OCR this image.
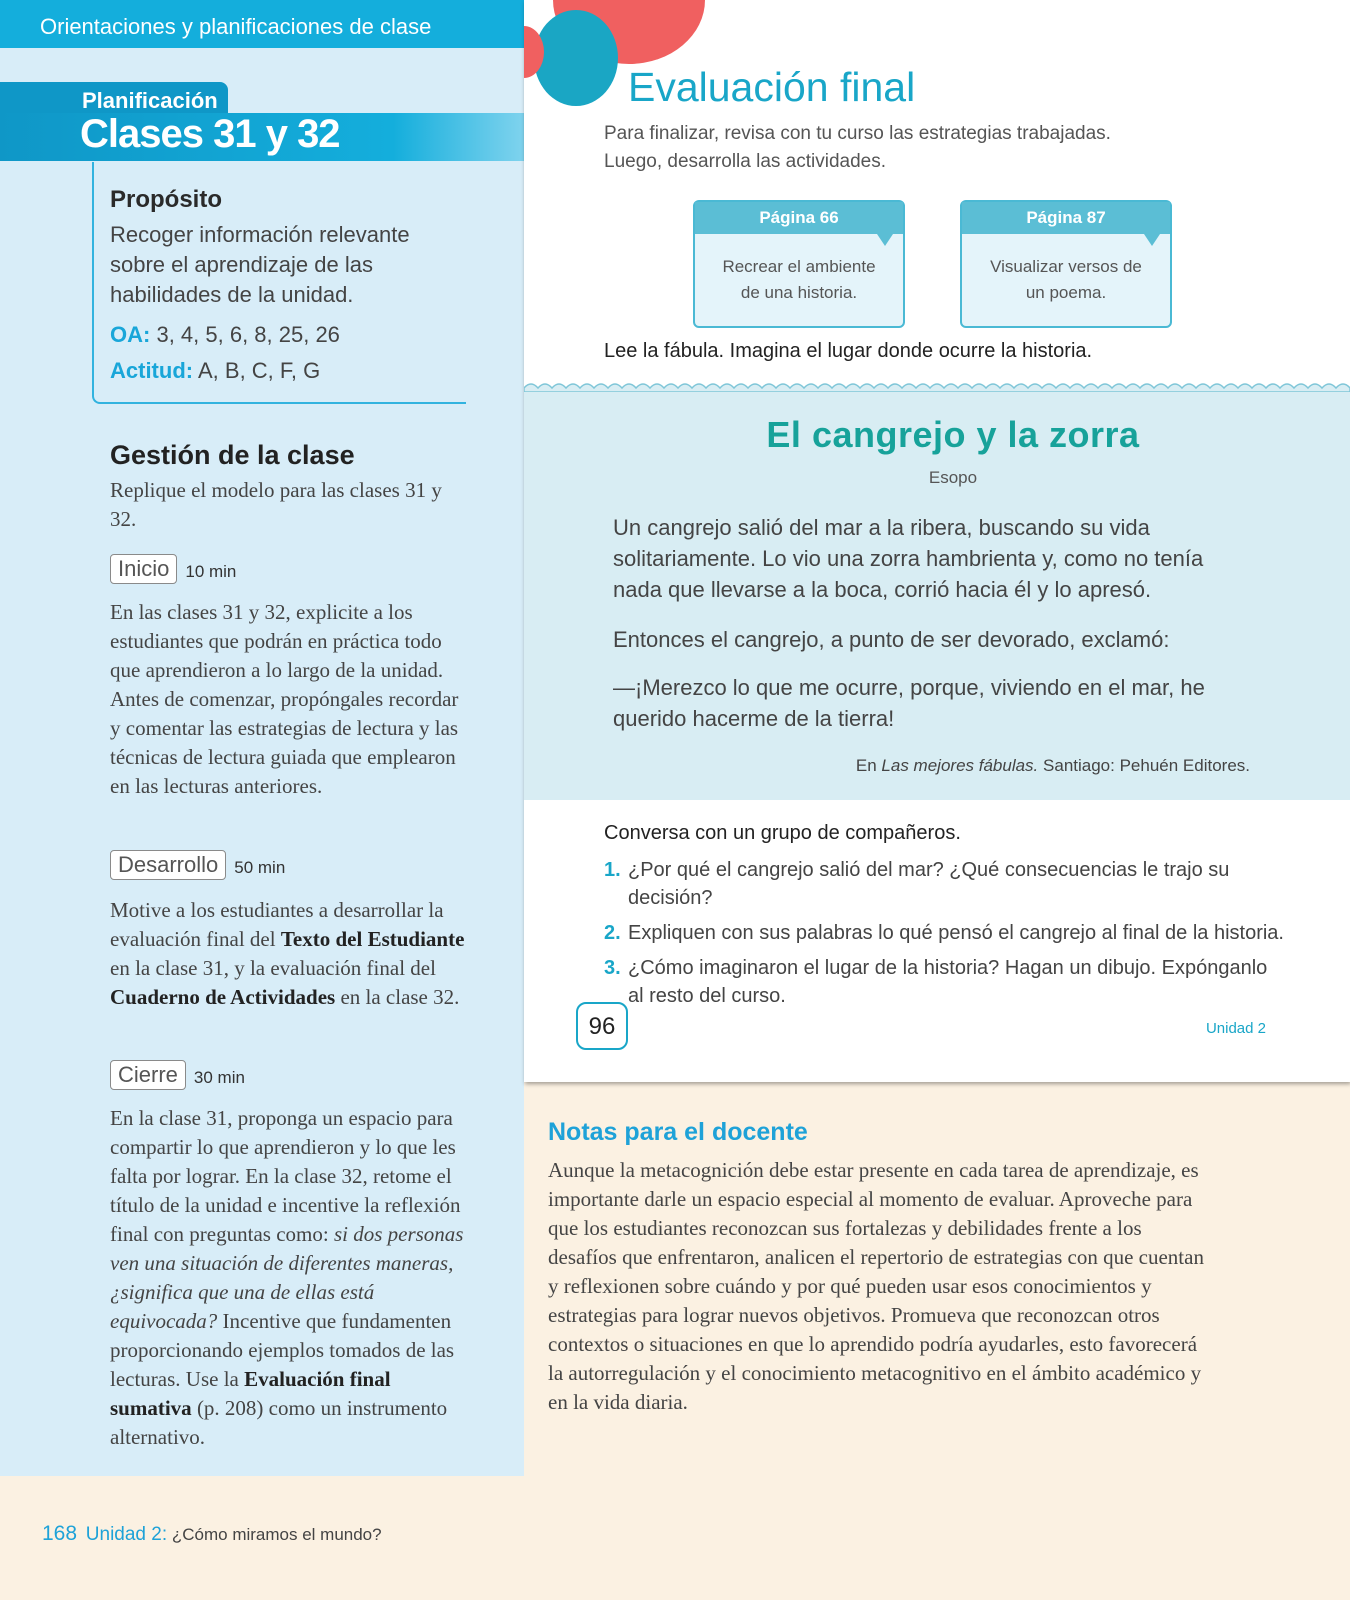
Orientaciones y planificaciones de clase
Planificación
Clases 31 y 32
Propósito
Recoger información relevante sobre el aprendizaje de las habilidades de la unidad.
OA: 3, 4, 5, 6, 8, 25, 26
Actitud: A, B, C, F, G
Gestión de la clase
Replique el modelo para las clases 31 y 32.
Inicio 10 min
En las clases 31 y 32, explicite a los estudiantes que podrán en práctica todo que aprendieron a lo largo de la unidad. Antes de comenzar, propóngales recordar y comentar las estrategias de lectura y las técnicas de lectura guiada que emplearon en las lecturas anteriores.
Desarrollo 50 min
Motive a los estudiantes a desarrollar la evaluación final del Texto del Estudiante en la clase 31, y la evaluación final del Cuaderno de Actividades en la clase 32.
Cierre 30 min
En la clase 31, proponga un espacio para compartir lo que aprendieron y lo que les falta por lograr. En la clase 32, retome el título de la unidad e incentive la reflexión final con preguntas como: si dos personas ven una situación de diferentes maneras, ¿significa que una de ellas está equivocada? Incentive que fundamenten proporcionando ejemplos tomados de las lecturas. Use la Evaluación final sumativa (p. 208) como un instrumento alternativo.
Evaluación final
Para finalizar, revisa con tu curso las estrategias trabajadas.
Luego, desarrolla las actividades.
Página 66
Recrear el ambiente
de una historia.
Página 87
Visualizar versos de
un poema.
Lee la fábula. Imagina el lugar donde ocurre la historia.
El cangrejo y la zorra
Esopo
Un cangrejo salió del mar a la ribera, buscando su vida solitariamente. Lo vio una zorra hambrienta y, como no tenía nada que llevarse a la boca, corrió hacia él y lo apresó.
Entonces el cangrejo, a punto de ser devorado, exclamó:
—¡Merezco lo que me ocurre, porque, viviendo en el mar, he querido hacerme de la tierra!
En Las mejores fábulas. Santiago: Pehuén Editores.
Conversa con un grupo de compañeros.
1. ¿Por qué el cangrejo salió del mar? ¿Qué consecuencias le trajo su decisión?
2. Expliquen con sus palabras lo qué pensó el cangrejo al final de la historia.
3. ¿Cómo imaginaron el lugar de la historia? Hagan un dibujo. Expónganlo al resto del curso.
96	Unidad 2
Notas para el docente
Aunque la metacognición debe estar presente en cada tarea de aprendizaje, es importante darle un espacio especial al momento de evaluar. Aproveche para que los estudiantes reconozcan sus fortalezas y debilidades frente a los desafíos que enfrentaron, analicen el repertorio de estrategias con que cuentan y reflexionen sobre cuándo y por qué pueden usar esos conocimientos y estrategias para lograr nuevos objetivos. Promueva que reconozcan otros contextos o situaciones en que lo aprendido podría ayudarles, esto favorecerá la autorregulación y el conocimiento metacognitivo en el ámbito académico y en la vida diaria.
168 Unidad 2: ¿Cómo miramos el mundo?
